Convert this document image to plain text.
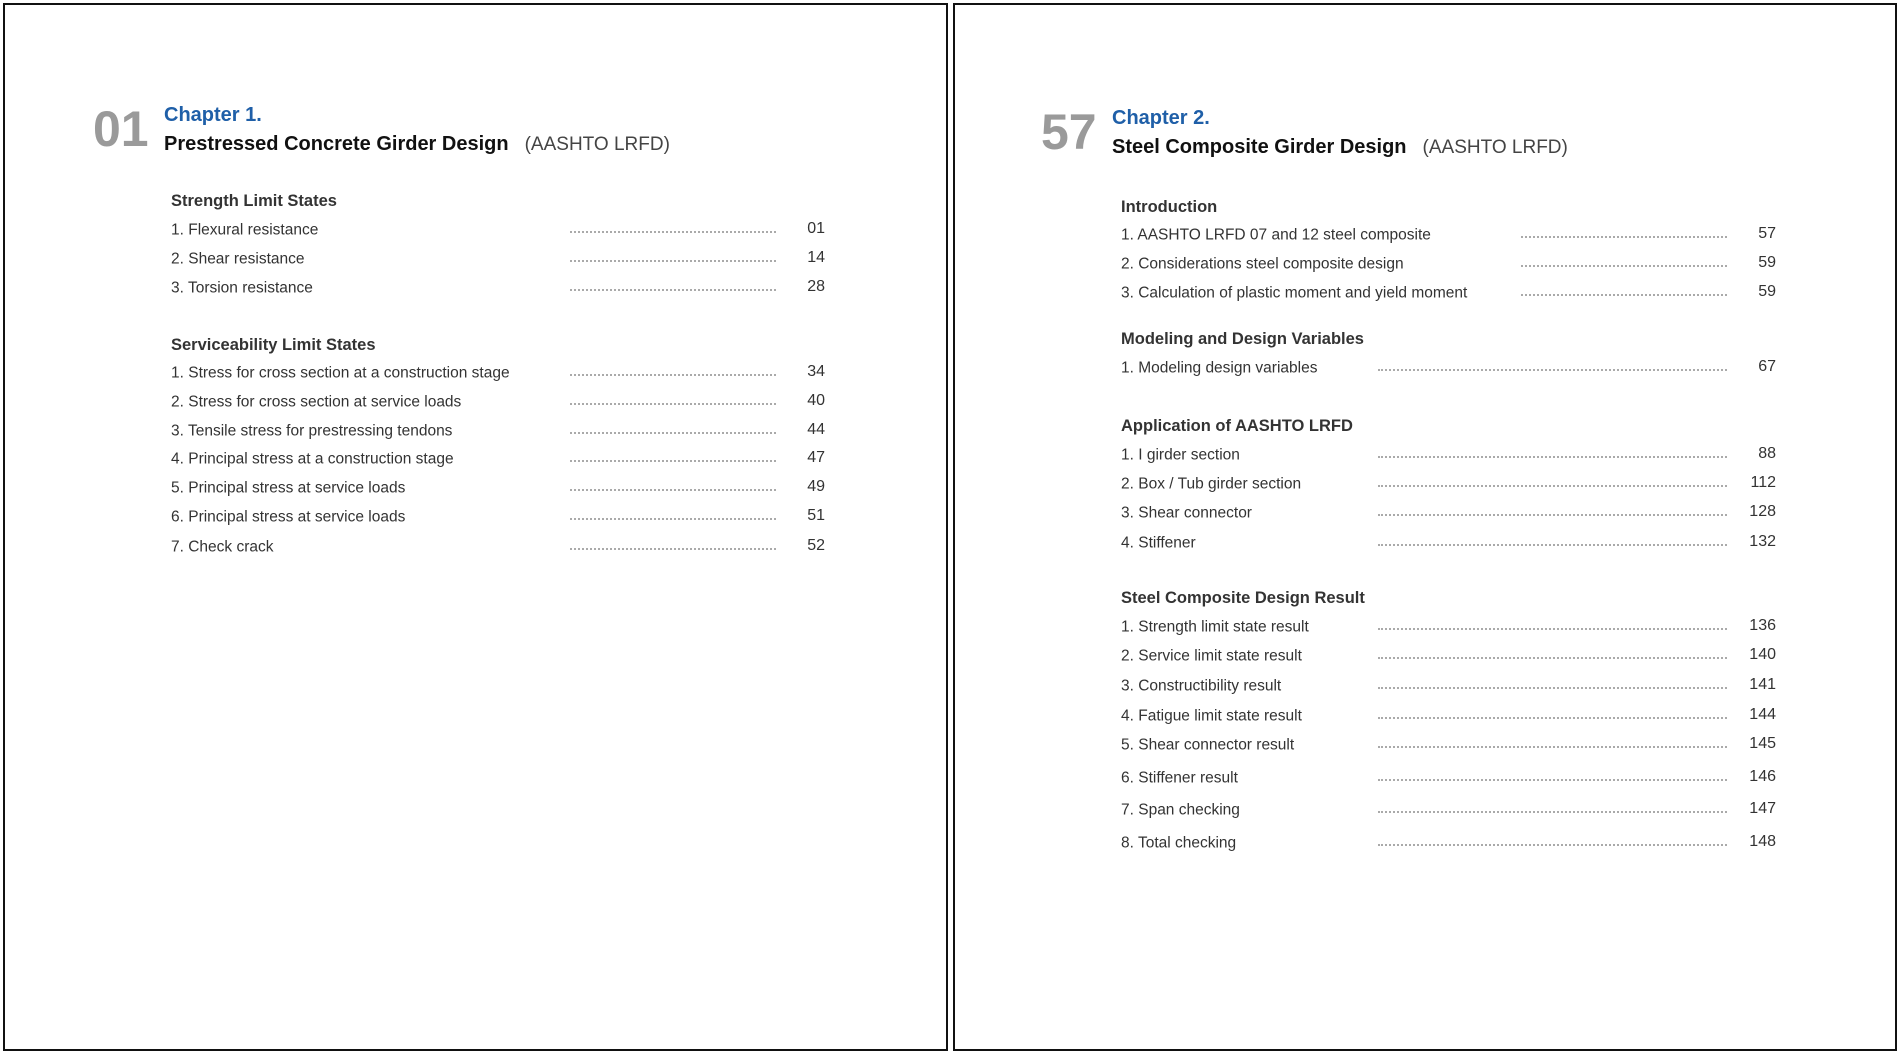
01 Chapter 1.
Prestressed Concrete Girder Design (AASHTO LRFD)
Strength Limit States
1. Flexural resistance	01
2. Shear resistance	14
3. Torsion resistance	28
Serviceability Limit States
1. Stress for cross section at a construction stage	34
2. Stress for cross section at service loads	40
3. Tensile stress for prestressing tendons	44
4. Principal stress at a construction stage	47
5. Principal stress at service loads	49
6. Principal stress at service loads	51
7. Check crack	52
57 Chapter 2.
Steel Composite Girder Design (AASHTO LRFD)
Introduction
1. AASHTO LRFD 07 and 12 steel composite	57
2. Considerations steel composite design	59
3. Calculation of plastic moment and yield moment	59
Modeling and Design Variables
1. Modeling design variables	67
Application of AASHTO LRFD
1. I girder section	88
2. Box / Tub girder section	112
3. Shear connector	128
4. Stiffener	132
Steel Composite Design Result
1. Strength limit state result	136
2. Service limit state result	140
3. Constructibility result	141
4. Fatigue limit state result	144
5. Shear connector result	145
6. Stiffener result	146
7. Span checking	147
8. Total checking	148
